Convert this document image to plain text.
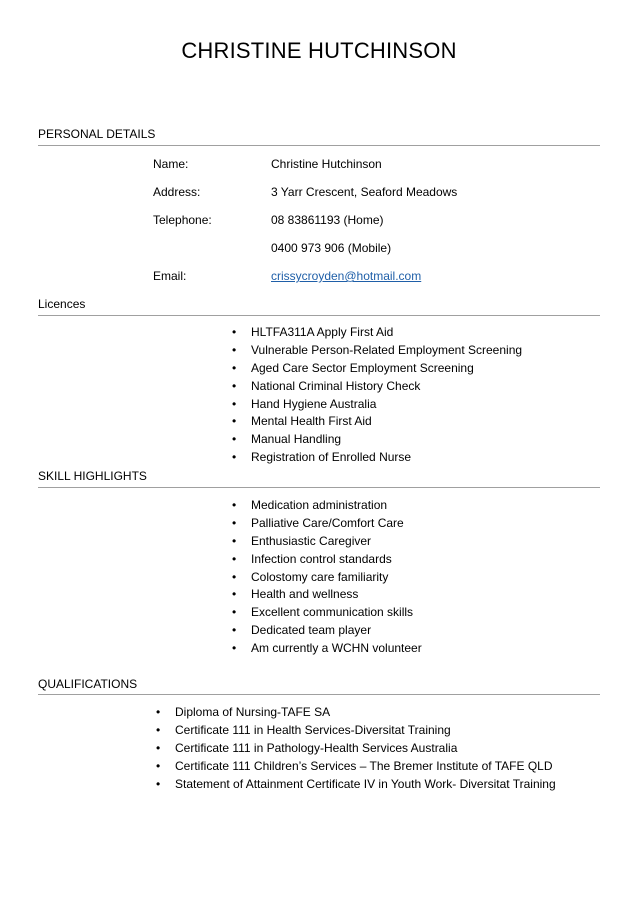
CHRISTINE HUTCHINSON
PERSONAL DETAILS
Name:	Christine Hutchinson
Address:	3 Yarr Crescent, Seaford Meadows
Telephone:	08 83861193 (Home)
0400 973 906 (Mobile)
Email:	crissycroyden@hotmail.com
Licences
• HLTFA311A Apply First Aid
• Vulnerable Person-Related Employment Screening
• Aged Care Sector Employment Screening
• National Criminal History Check
• Hand Hygiene Australia
• Mental Health First Aid
• Manual Handling
• Registration of Enrolled Nurse
SKILL HIGHLIGHTS
• Medication administration
• Palliative Care/Comfort Care
• Enthusiastic Caregiver
• Infection control standards
• Colostomy care familiarity
• Health and wellness
• Excellent communication skills
• Dedicated team player
• Am currently a WCHN volunteer
QUALIFICATIONS
• Diploma of Nursing-TAFE SA
• Certificate 111 in Health Services-Diversitat Training
• Certificate 111 in Pathology-Health Services Australia
• Certificate 111 Children’s Services – The Bremer Institute of TAFE QLD
• Statement of Attainment Certificate IV in Youth Work- Diversitat Training
